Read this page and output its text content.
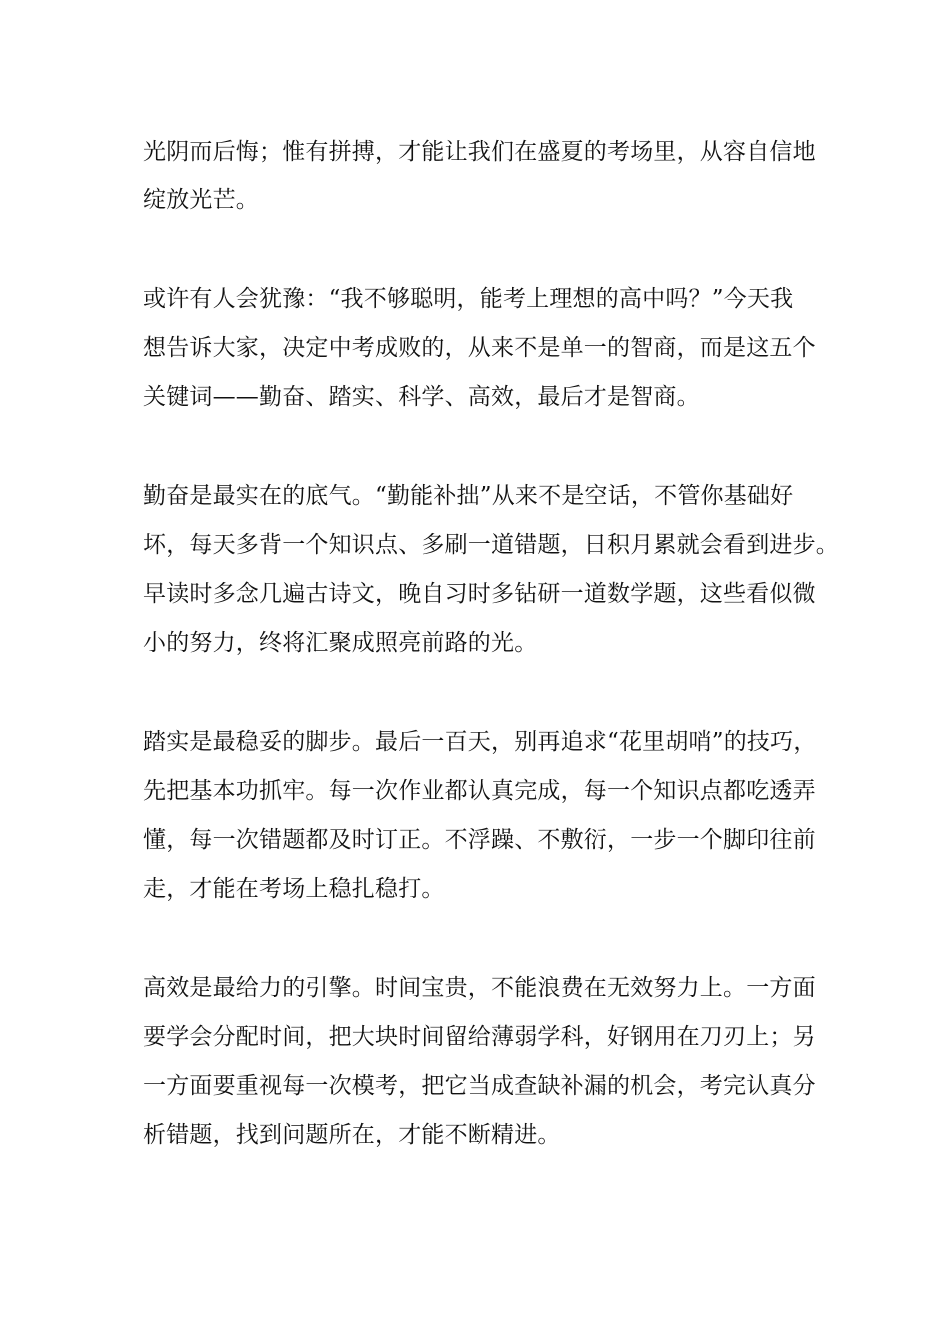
光阴而后悔；惟有拼搏，才能让我们在盛夏的考场里，从容自信地
绽放光芒。
或许有人会犹豫：“我不够聪明，能考上理想的高中吗？”今天我
想告诉大家，决定中考成败的，从来不是单一的智商，而是这五个
关键词——勤奋、踏实、科学、高效，最后才是智商。
勤奋是最实在的底气。“勤能补拙”从来不是空话，不管你基础好
坏，每天多背一个知识点、多刷一道错题，日积月累就会看到进步。
早读时多念几遍古诗文，晚自习时多钻研一道数学题，这些看似微
小的努力，终将汇聚成照亮前路的光。
踏实是最稳妥的脚步。最后一百天，别再追求“花里胡哨”的技巧，
先把基本功抓牢。每一次作业都认真完成，每一个知识点都吃透弄
懂，每一次错题都及时订正。不浮躁、不敷衍，一步一个脚印往前
走，才能在考场上稳扎稳打。
高效是最给力的引擎。时间宝贵，不能浪费在无效努力上。一方面
要学会分配时间，把大块时间留给薄弱学科，好钢用在刀刃上；另
一方面要重视每一次模考，把它当成查缺补漏的机会，考完认真分
析错题，找到问题所在，才能不断精进。
